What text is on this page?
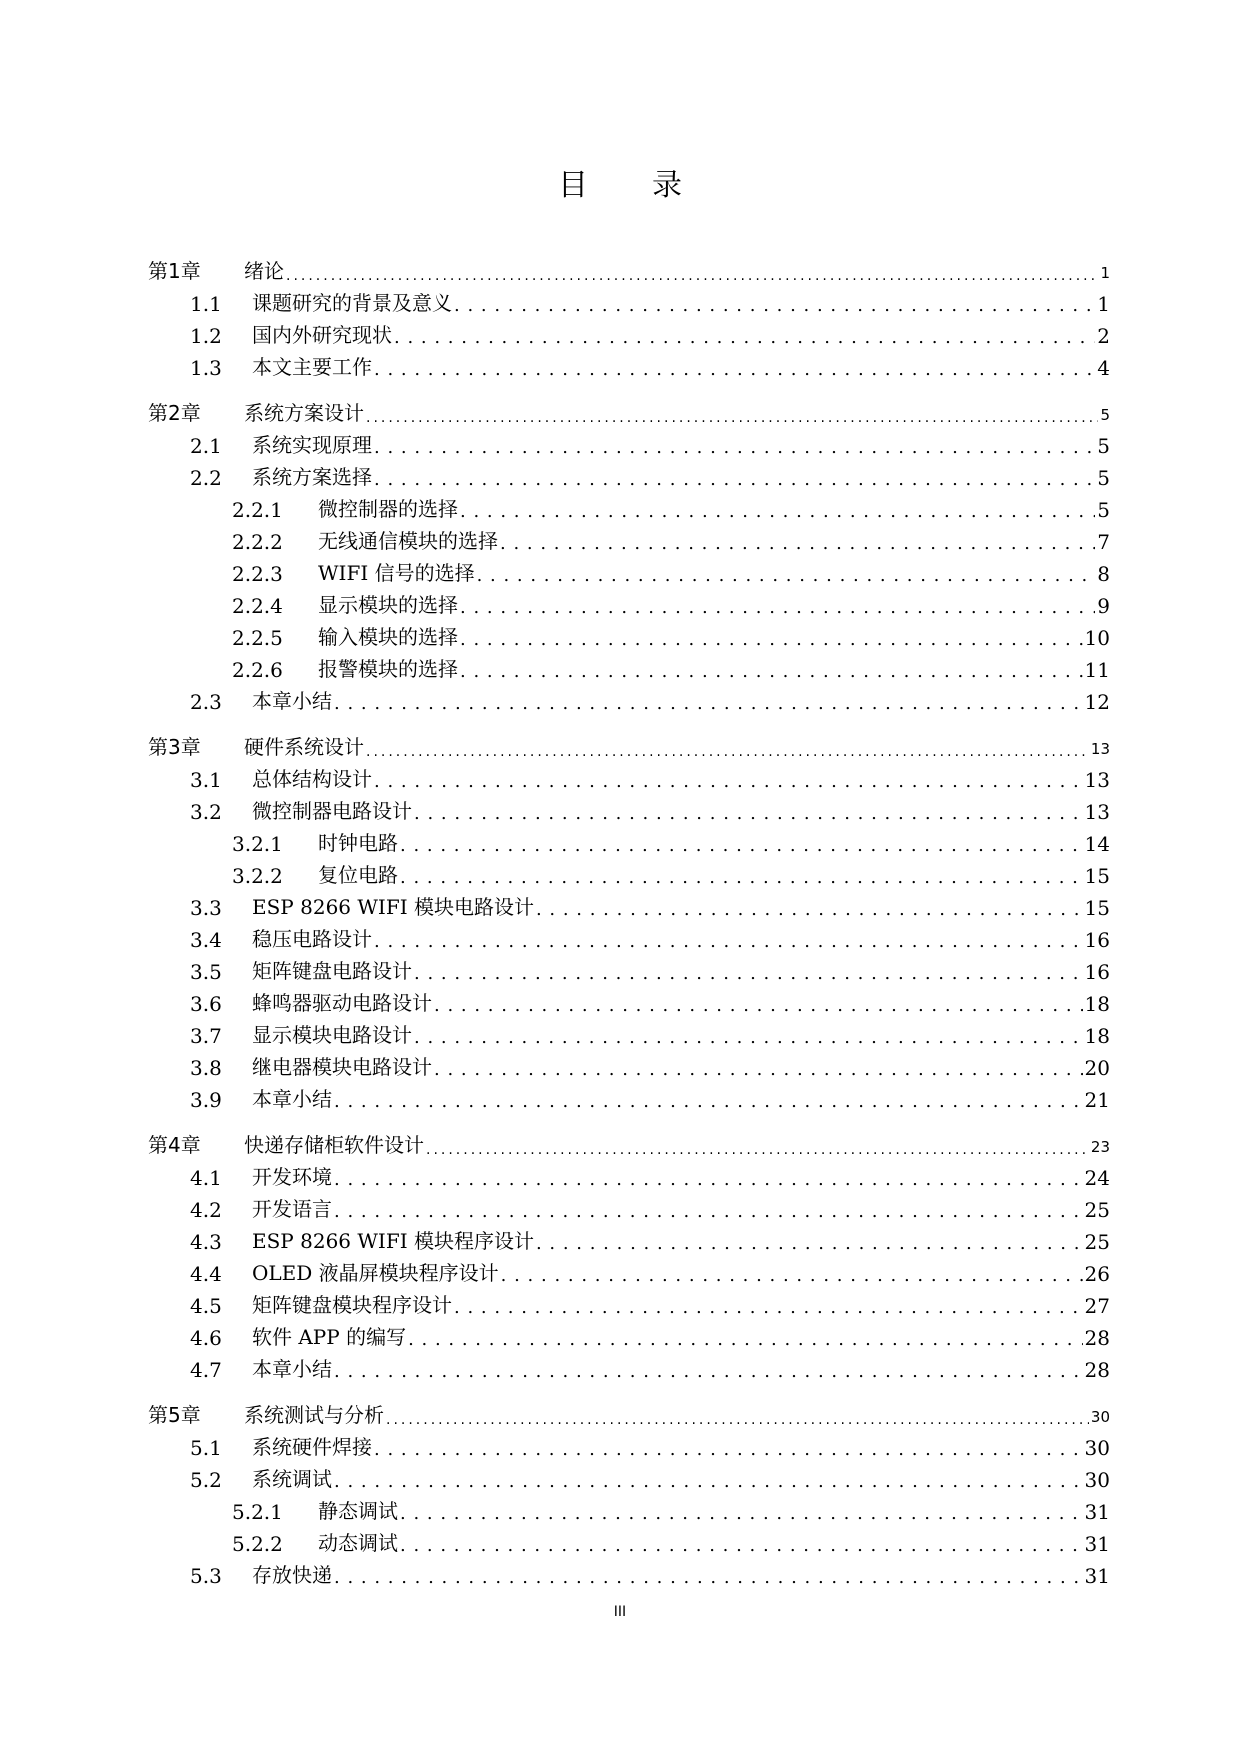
目 录
第1章	绪论 .....	1
1.1	课题研究的背景及意义 . . .	1
1.2	国内外研究现状 . . .	2
1.3	本文主要工作 . . .	4
第2章	系统方案设计 .....	5
2.1	系统实现原理 . . .	5
2.2	系统方案选择 . . .	5
2.2.1	微控制器的选择 . . .	5
2.2.2	无线通信模块的选择 . . .	7
2.2.3	WIFI 信号的选择 . . .	8
2.2.4	显示模块的选择 . . .	9
2.2.5	输入模块的选择 . . .	10
2.2.6	报警模块的选择 . . .	11
2.3	本章小结 . . .	12
第3章	硬件系统设计 .....	13
3.1	总体结构设计 . . .	13
3.2	微控制器电路设计 . . .	13
3.2.1	时钟电路 . . .	14
3.2.2	复位电路 . . .	15
3.3	ESP 8266 WIFI 模块电路设计 . . .	15
3.4	稳压电路设计 . . .	16
3.5	矩阵键盘电路设计 . . .	16
3.6	蜂鸣器驱动电路设计 . . .	18
3.7	显示模块电路设计 . . .	18
3.8	继电器模块电路设计 . . .	20
3.9	本章小结 . . .	21
第4章	快递存储柜软件设计 .....	23
4.1	开发环境 . . .	24
4.2	开发语言 . . .	25
4.3	ESP 8266 WIFI 模块程序设计 . . .	25
4.4	OLED 液晶屏模块程序设计 . . .	26
4.5	矩阵键盘模块程序设计 . . .	27
4.6	软件 APP 的编写 . . .	28
4.7	本章小结 . . .	28
第5章	系统测试与分析 .....	30
5.1	系统硬件焊接 . . .	30
5.2	系统调试 . . .	30
5.2.1	静态调试 . . .	31
5.2.2	动态调试 . . .	31
5.3	存放快递 . . .	31
III
